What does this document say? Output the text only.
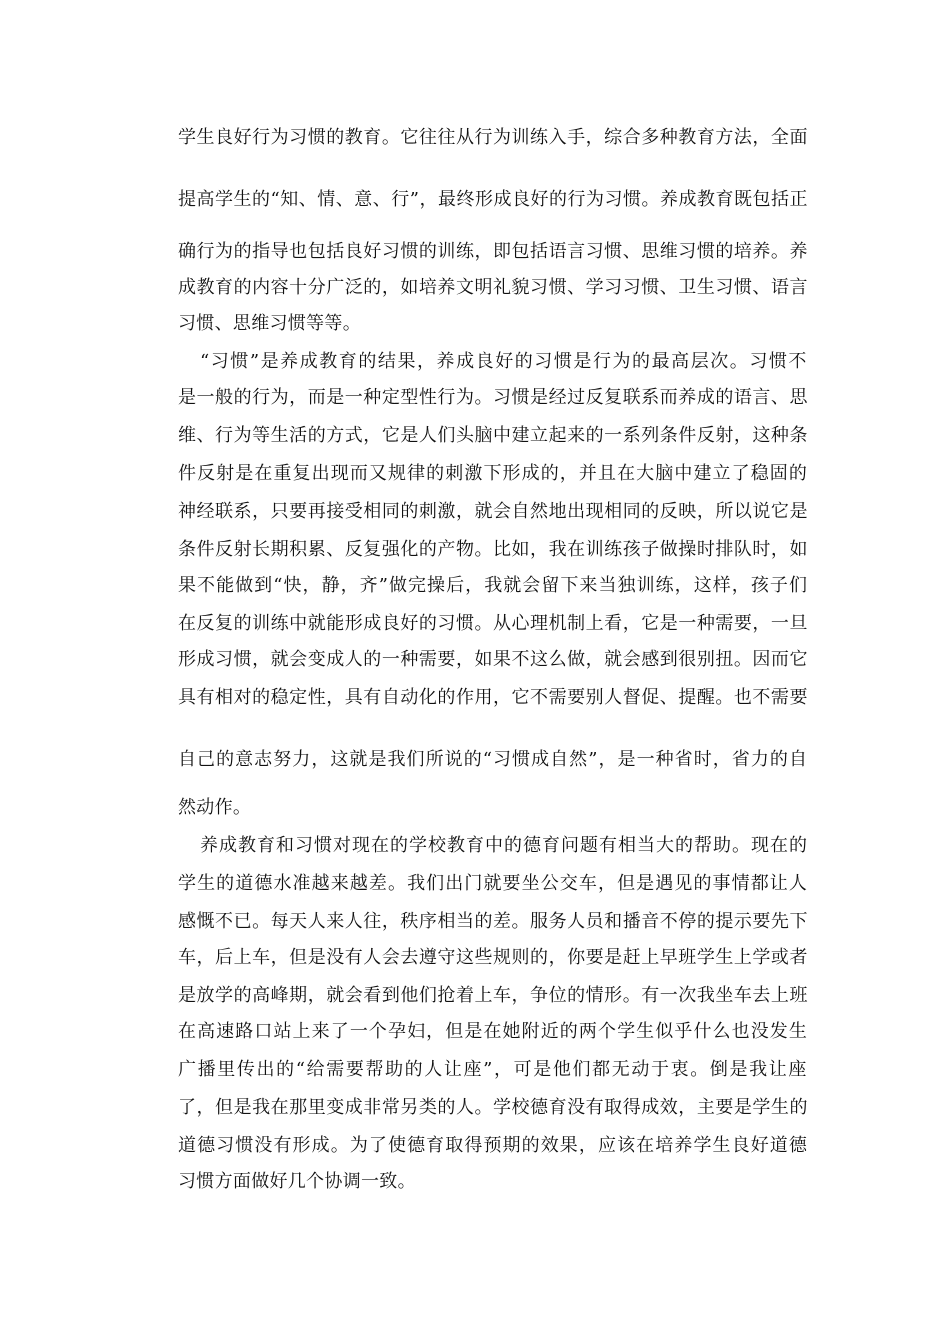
学生良好行为习惯的教育。它往往从行为训练入手，综合多种教育方法，全面
提高学生的“知、情、意、行”，最终形成良好的行为习惯。养成教育既包括正
确行为的指导也包括良好习惯的训练，即包括语言习惯、思维习惯的培养。养
成教育的内容十分广泛的，如培养文明礼貌习惯、学习习惯、卫生习惯、语言
习惯、思维习惯等等。
“习惯”是养成教育的结果，养成良好的习惯是行为的最高层次。习惯不
是一般的行为，而是一种定型性行为。习惯是经过反复联系而养成的语言、思
维、行为等生活的方式，它是人们头脑中建立起来的一系列条件反射，这种条
件反射是在重复出现而又规律的刺激下形成的，并且在大脑中建立了稳固的
神经联系，只要再接受相同的刺激，就会自然地出现相同的反映，所以说它是
条件反射长期积累、反复强化的产物。比如，我在训练孩子做操时排队时，如
果不能做到“快，静，齐”做完操后，我就会留下来当独训练，这样，孩子们
在反复的训练中就能形成良好的习惯。从心理机制上看，它是一种需要，一旦
形成习惯，就会变成人的一种需要，如果不这么做，就会感到很别扭。因而它
具有相对的稳定性，具有自动化的作用，它不需要别人督促、提醒。也不需要
自己的意志努力，这就是我们所说的“习惯成自然”，是一种省时，省力的自
然动作。
养成教育和习惯对现在的学校教育中的德育问题有相当大的帮助。现在的
学生的道德水准越来越差。我们出门就要坐公交车，但是遇见的事情都让人
感慨不已。每天人来人往，秩序相当的差。服务人员和播音不停的提示要先下
车，后上车，但是没有人会去遵守这些规则的，你要是赶上早班学生上学或者
是放学的高峰期，就会看到他们抢着上车，争位的情形。有一次我坐车去上班
在高速路口站上来了一个孕妇，但是在她附近的两个学生似乎什么也没发生
广播里传出的“给需要帮助的人让座”，可是他们都无动于衷。倒是我让座
了，但是我在那里变成非常另类的人。学校德育没有取得成效，主要是学生的
道德习惯没有形成。为了使德育取得预期的效果，应该在培养学生良好道德
习惯方面做好几个协调一致。
